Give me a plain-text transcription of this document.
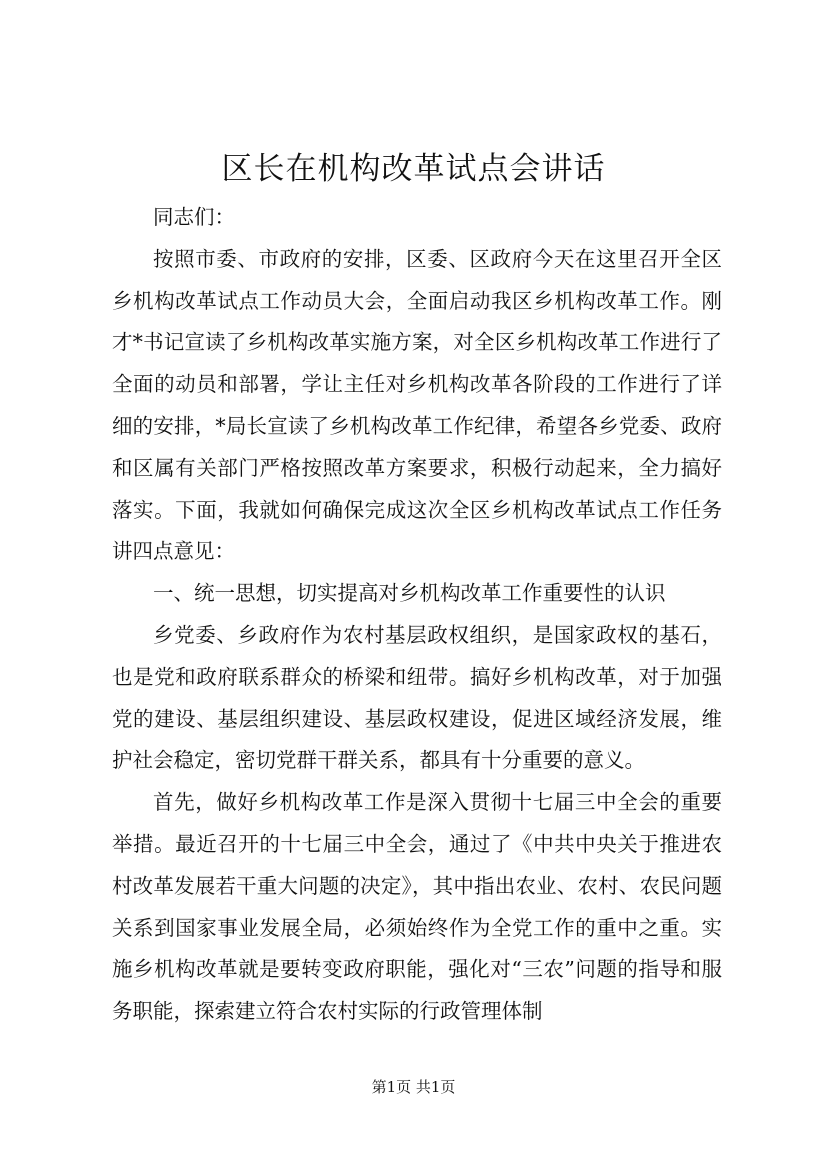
区长在机构改革试点会讲话

同志们：

按照市委、市政府的安排，区委、区政府今天在这里召开全区乡机构改革试点工作动员大会，全面启动我区乡机构改革工作。刚才*书记宣读了乡机构改革实施方案，对全区乡机构改革工作进行了全面的动员和部署，学让主任对乡机构改革各阶段的工作进行了详细的安排，*局长宣读了乡机构改革工作纪律，希望各乡党委、政府和区属有关部门严格按照改革方案要求，积极行动起来，全力搞好落实。下面，我就如何确保完成这次全区乡机构改革试点工作任务讲四点意见：

一、统一思想，切实提高对乡机构改革工作重要性的认识

乡党委、乡政府作为农村基层政权组织，是国家政权的基石，也是党和政府联系群众的桥梁和纽带。搞好乡机构改革，对于加强党的建设、基层组织建设、基层政权建设，促进区域经济发展，维护社会稳定，密切党群干群关系，都具有十分重要的意义。

首先，做好乡机构改革工作是深入贯彻十七届三中全会的重要举措。最近召开的十七届三中全会，通过了《中共中央关于推进农村改革发展若干重大问题的决定》，其中指出农业、农村、农民问题关系到国家事业发展全局，必须始终作为全党工作的重中之重。实施乡机构改革就是要转变政府职能，强化对“三农”问题的指导和服务职能，探索建立符合农村实际的行政管理体制

第1页 共1页
